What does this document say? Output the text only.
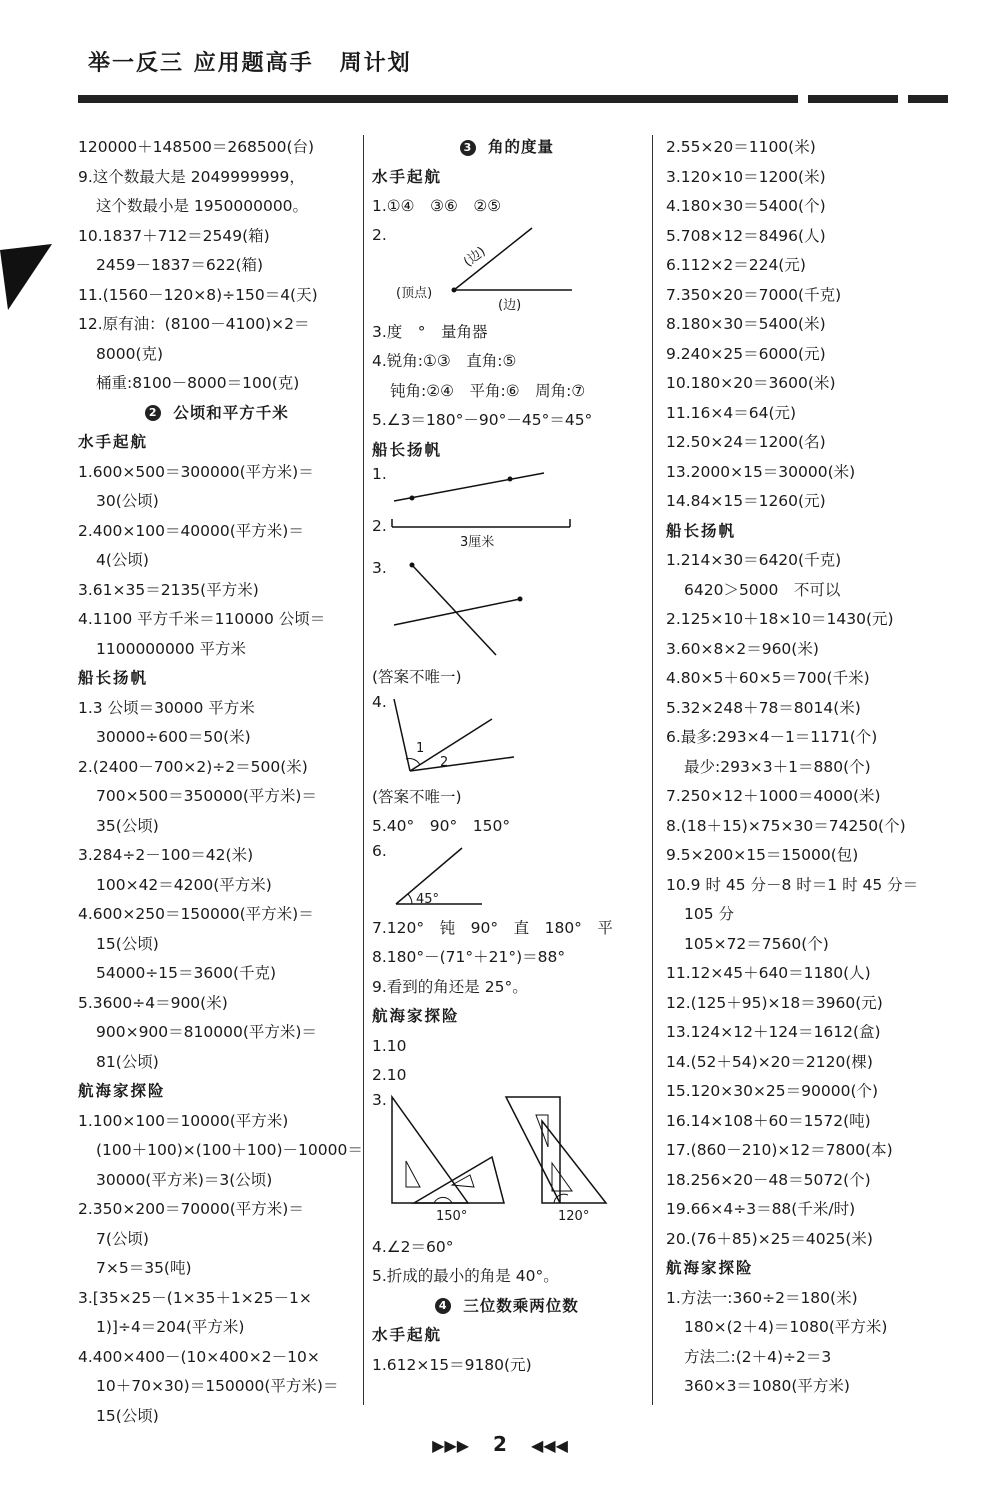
举一反三 应用题高手 周计划
120000＋148500＝268500(台)
9.这个数最大是 2049999999，
这个数最小是 1950000000。
10.1837＋712＝2549(箱)
2459－1837＝622(箱)
11.(1560－120×8)÷150＝4(天)
12.原有油：(8100－4100)×2＝
8000(克)
桶重:8100－8000＝100(克)
2 公顷和平方千米
水手起航
1.600×500＝300000(平方米)＝
30(公顷)
2.400×100＝40000(平方米)＝
4(公顷)
3.61×35＝2135(平方米)
4.1100 平方千米＝110000 公顷＝
1100000000 平方米
船长扬帆
1.3 公顷＝30000 平方米
30000÷600＝50(米)
2.(2400－700×2)÷2＝500(米)
700×500＝350000(平方米)＝
35(公顷)
3.284÷2－100＝42(米)
100×42＝4200(平方米)
4.600×250＝150000(平方米)＝
15(公顷)
54000÷15＝3600(千克)
5.3600÷4＝900(米)
900×900＝810000(平方米)＝
81(公顷)
航海家探险
1.100×100＝10000(平方米)
(100＋100)×(100＋100)－10000＝
30000(平方米)＝3(公顷)
2.350×200＝70000(平方米)＝
7(公顷)
7×5＝35(吨)
3.[35×25－(1×35＋1×25－1×
1)]÷4＝204(平方米)
4.400×400－(10×400×2－10×
10＋70×30)＝150000(平方米)＝
15(公顷)
3 角的度量
水手起航
1.①④　③⑥　②⑤
2.
(边)
(顶点)
(边)
3.度　°　量角器
4.锐角:①③　直角:⑤
钝角:②④　平角:⑥　周角:⑦
5.∠3＝180°－90°－45°＝45°
船长扬帆
1.
2.
3厘米
3.
(答案不唯一)
4.
1
2
(答案不唯一)
5.40°　90°　150°
6.
45°
7.120°　钝　90°　直　180°　平
8.180°－(71°＋21°)＝88°
9.看到的角还是 25°。
航海家探险
1.10
2.10
3.
150°	120°
4.∠2＝60°
5.折成的最小的角是 40°。
4 三位数乘两位数
水手起航
1.612×15＝9180(元)
2.55×20＝1100(米)
3.120×10＝1200(米)
4.180×30＝5400(个)
5.708×12＝8496(人)
6.112×2＝224(元)
7.350×20＝7000(千克)
8.180×30＝5400(米)
9.240×25＝6000(元)
10.180×20＝3600(米)
11.16×4＝64(元)
12.50×24＝1200(名)
13.2000×15＝30000(米)
14.84×15＝1260(元)
船长扬帆
1.214×30＝6420(千克)
6420＞5000　不可以
2.125×10＋18×10＝1430(元)
3.60×8×2＝960(米)
4.80×5＋60×5＝700(千米)
5.32×248＋78＝8014(米)
6.最多:293×4－1＝1171(个)
最少:293×3＋1＝880(个)
7.250×12＋1000＝4000(米)
8.(18＋15)×75×30＝74250(个)
9.5×200×15＝15000(包)
10.9 时 45 分－8 时＝1 时 45 分＝
105 分
105×72＝7560(个)
11.12×45＋640＝1180(人)
12.(125＋95)×18＝3960(元)
13.124×12＋124＝1612(盒)
14.(52＋54)×20＝2120(棵)
15.120×30×25＝90000(个)
16.14×108＋60＝1572(吨)
17.(860－210)×12＝7800(本)
18.256×20－48＝5072(个)
19.66×4÷3＝88(千米/时)
20.(76＋85)×25＝4025(米)
航海家探险
1.方法一:360÷2＝180(米)
180×(2＋4)＝1080(平方米)
方法二:(2＋4)÷2＝3
360×3＝1080(平方米)
▶▶▶ 2 ◀◀◀
